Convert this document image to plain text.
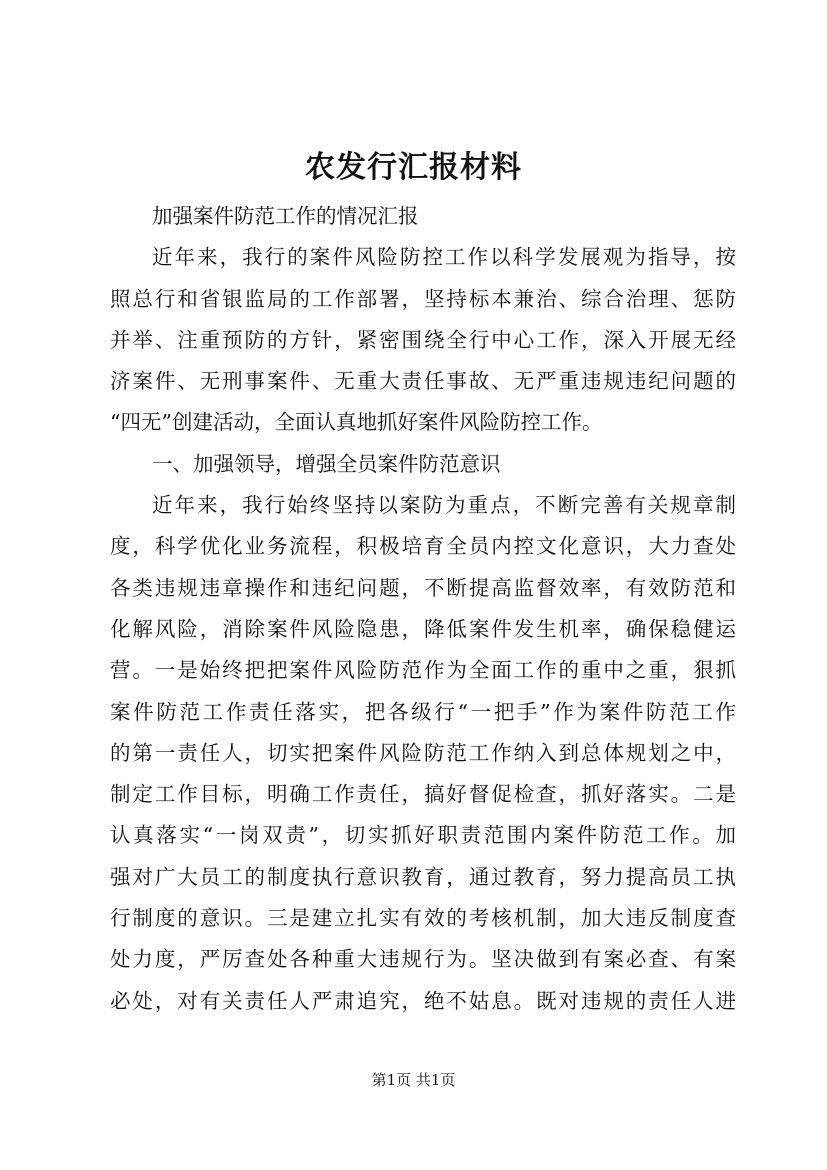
农发行汇报材料
加强案件防范工作的情况汇报
近年来，我行的案件风险防控工作以科学发展观为指导，按
照总行和省银监局的工作部署，坚持标本兼治、综合治理、惩防
并举、注重预防的方针，紧密围绕全行中心工作，深入开展无经
济案件、无刑事案件、无重大责任事故、无严重违规违纪问题的
“四无”创建活动，全面认真地抓好案件风险防控工作。
一、加强领导，增强全员案件防范意识
近年来，我行始终坚持以案防为重点，不断完善有关规章制
度，科学优化业务流程，积极培育全员内控文化意识，大力查处
各类违规违章操作和违纪问题，不断提高监督效率，有效防范和
化解风险，消除案件风险隐患，降低案件发生机率，确保稳健运
营。一是始终把把案件风险防范作为全面工作的重中之重，狠抓
案件防范工作责任落实，把各级行“一把手”作为案件防范工作
的第一责任人，切实把案件风险防范工作纳入到总体规划之中，
制定工作目标，明确工作责任，搞好督促检查，抓好落实。二是
认真落实“一岗双责”，切实抓好职责范围内案件防范工作。加
强对广大员工的制度执行意识教育，通过教育，努力提高员工执
行制度的意识。三是建立扎实有效的考核机制，加大违反制度查
处力度，严厉查处各种重大违规行为。坚决做到有案必查、有案
必处，对有关责任人严肃追究，绝不姑息。既对违规的责任人进
第1页 共1页
